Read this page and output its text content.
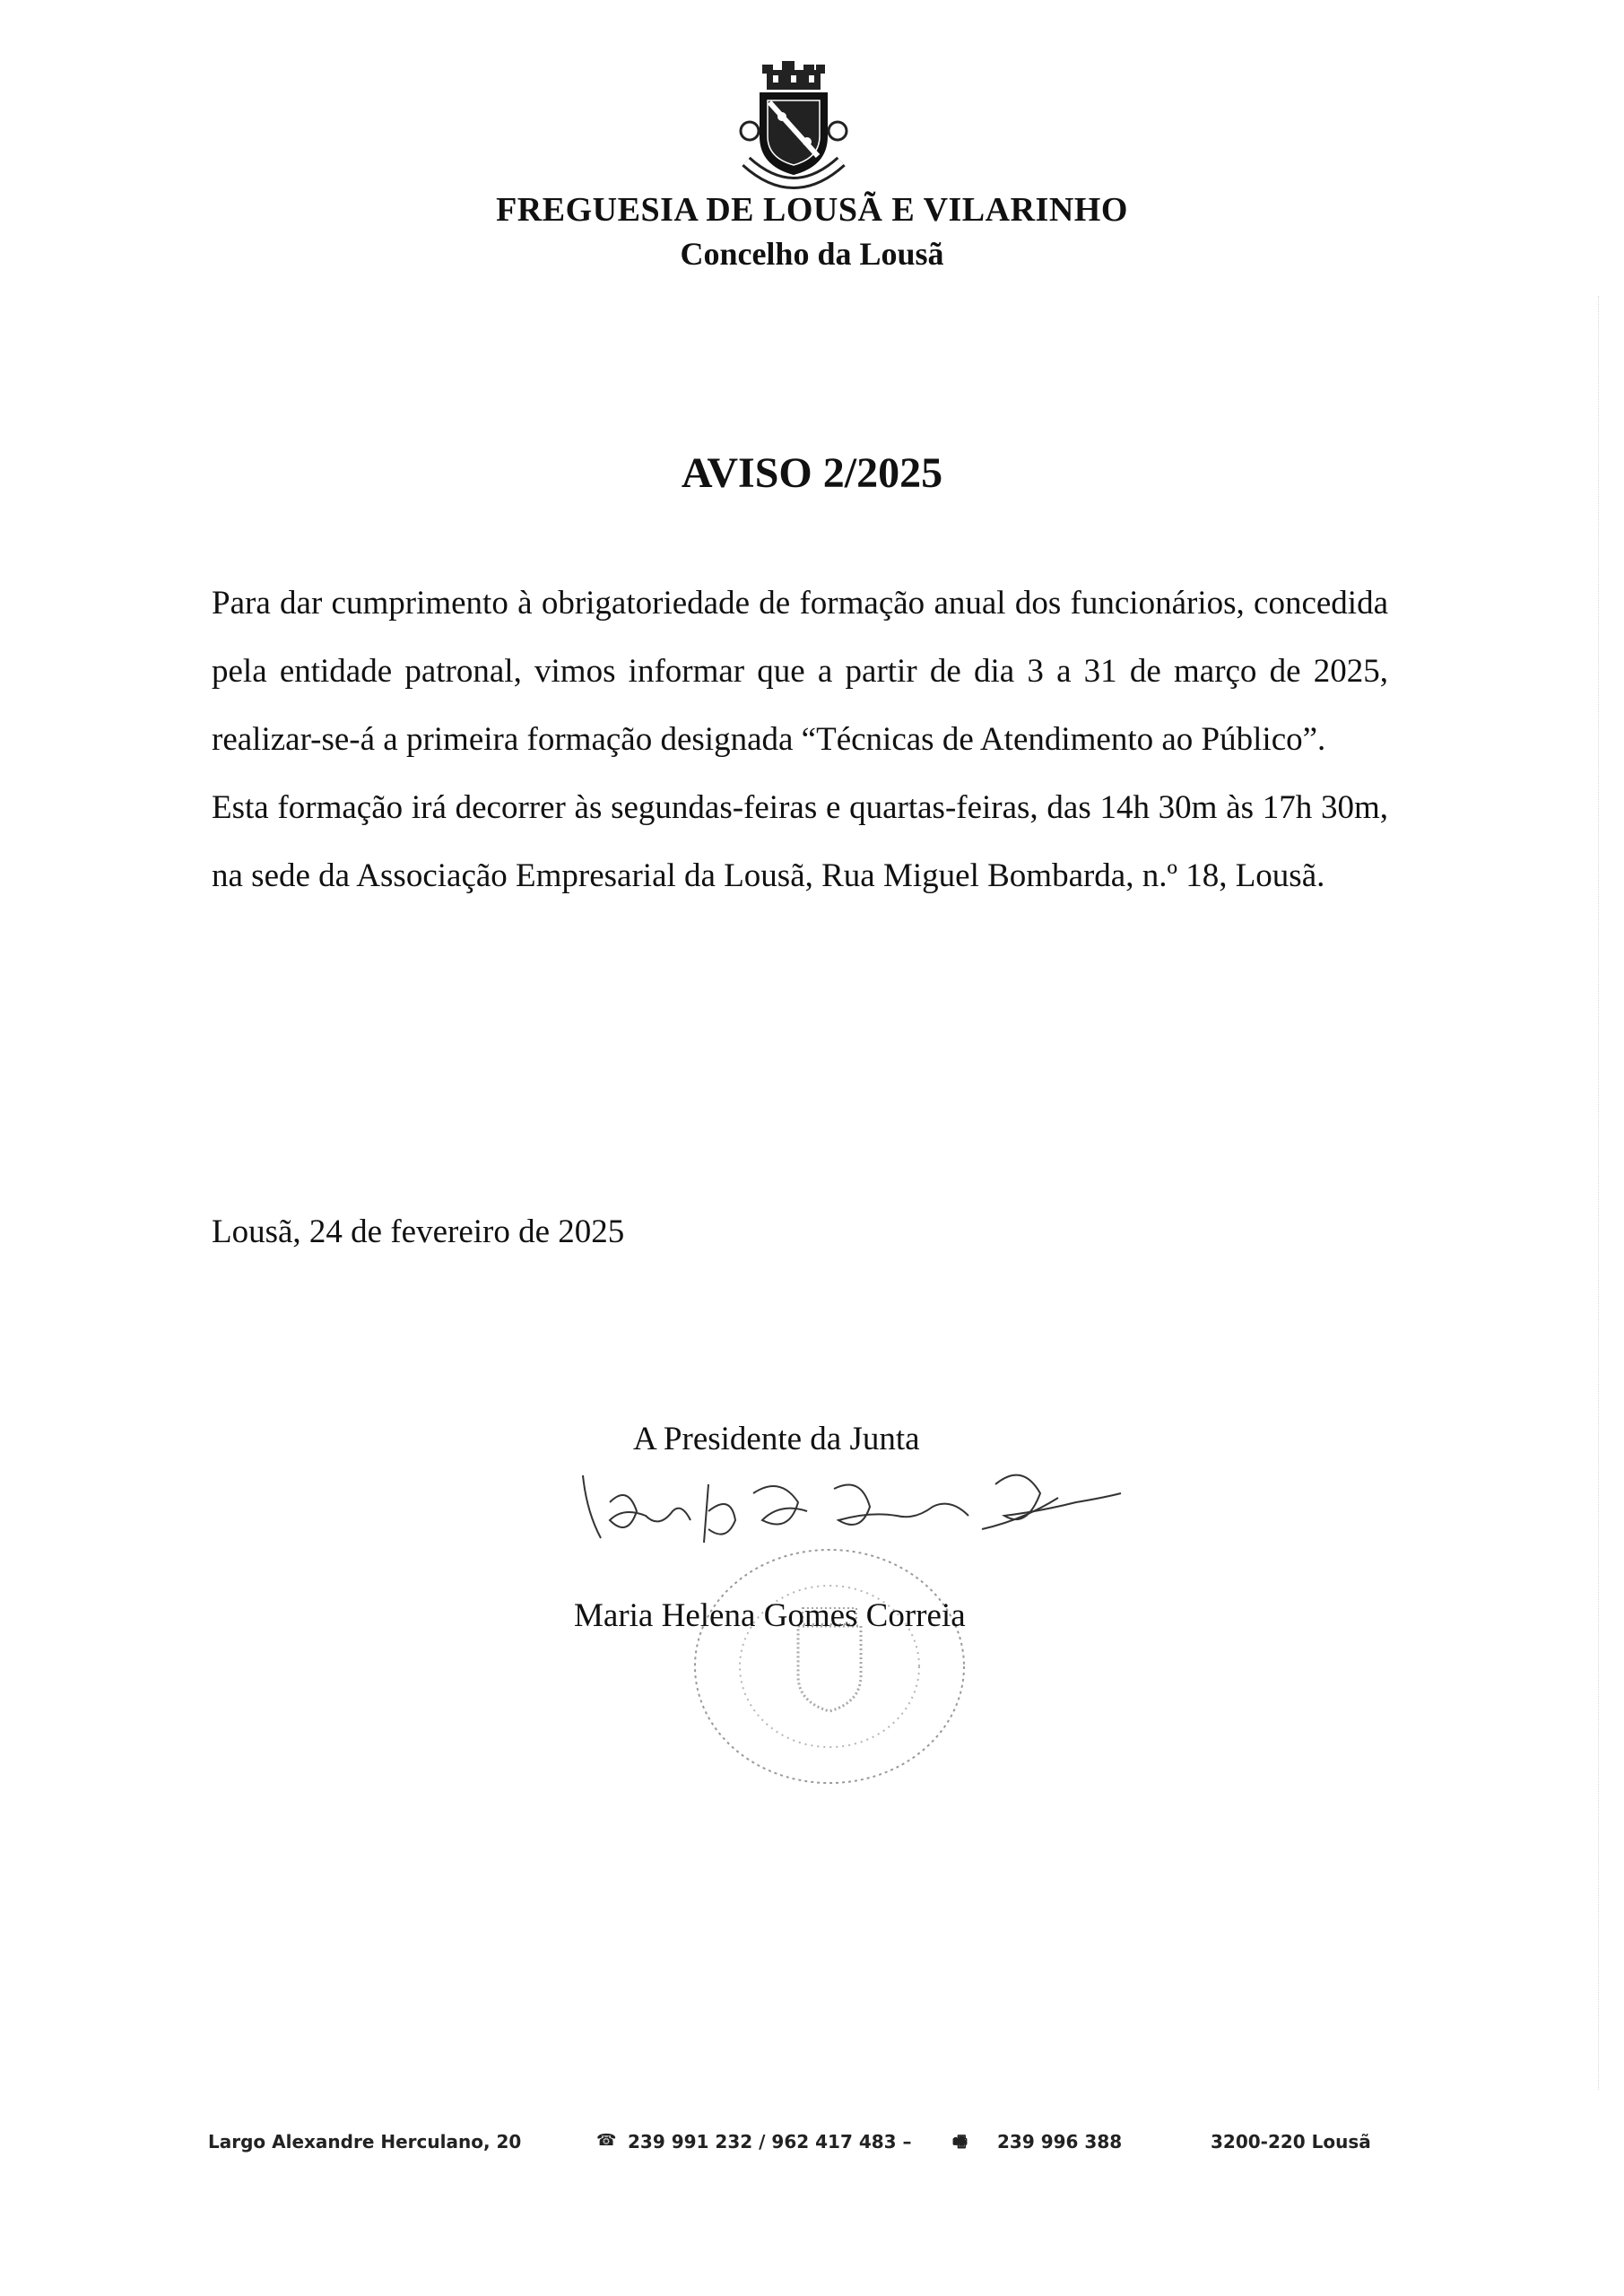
FREGUESIA DE LOUSÃ E VILARINHO
Concelho da Lousã
AVISO 2/2025

Para dar cumprimento à obrigatoriedade de formação anual dos funcionários, concedida pela entidade patronal, vimos informar que a partir de dia 3 a 31 de março de 2025, realizar-se-á a primeira formação designada “Técnicas de Atendimento ao Público”.

Esta formação irá decorrer às segundas-feiras e quartas-feiras, das 14h 30m às 17h 30m, na sede da Associação Empresarial da Lousã, Rua Miguel Bombarda, n.º 18, Lousã.

Lousã, 24 de fevereiro de 2025
A Presidente da Junta
Maria Helena Gomes Correia
Largo Alexandre Herculano, 20	☎ 239 991 232 / 962 417 483 –	🖷 239 996 388	3200-220 Lousã
